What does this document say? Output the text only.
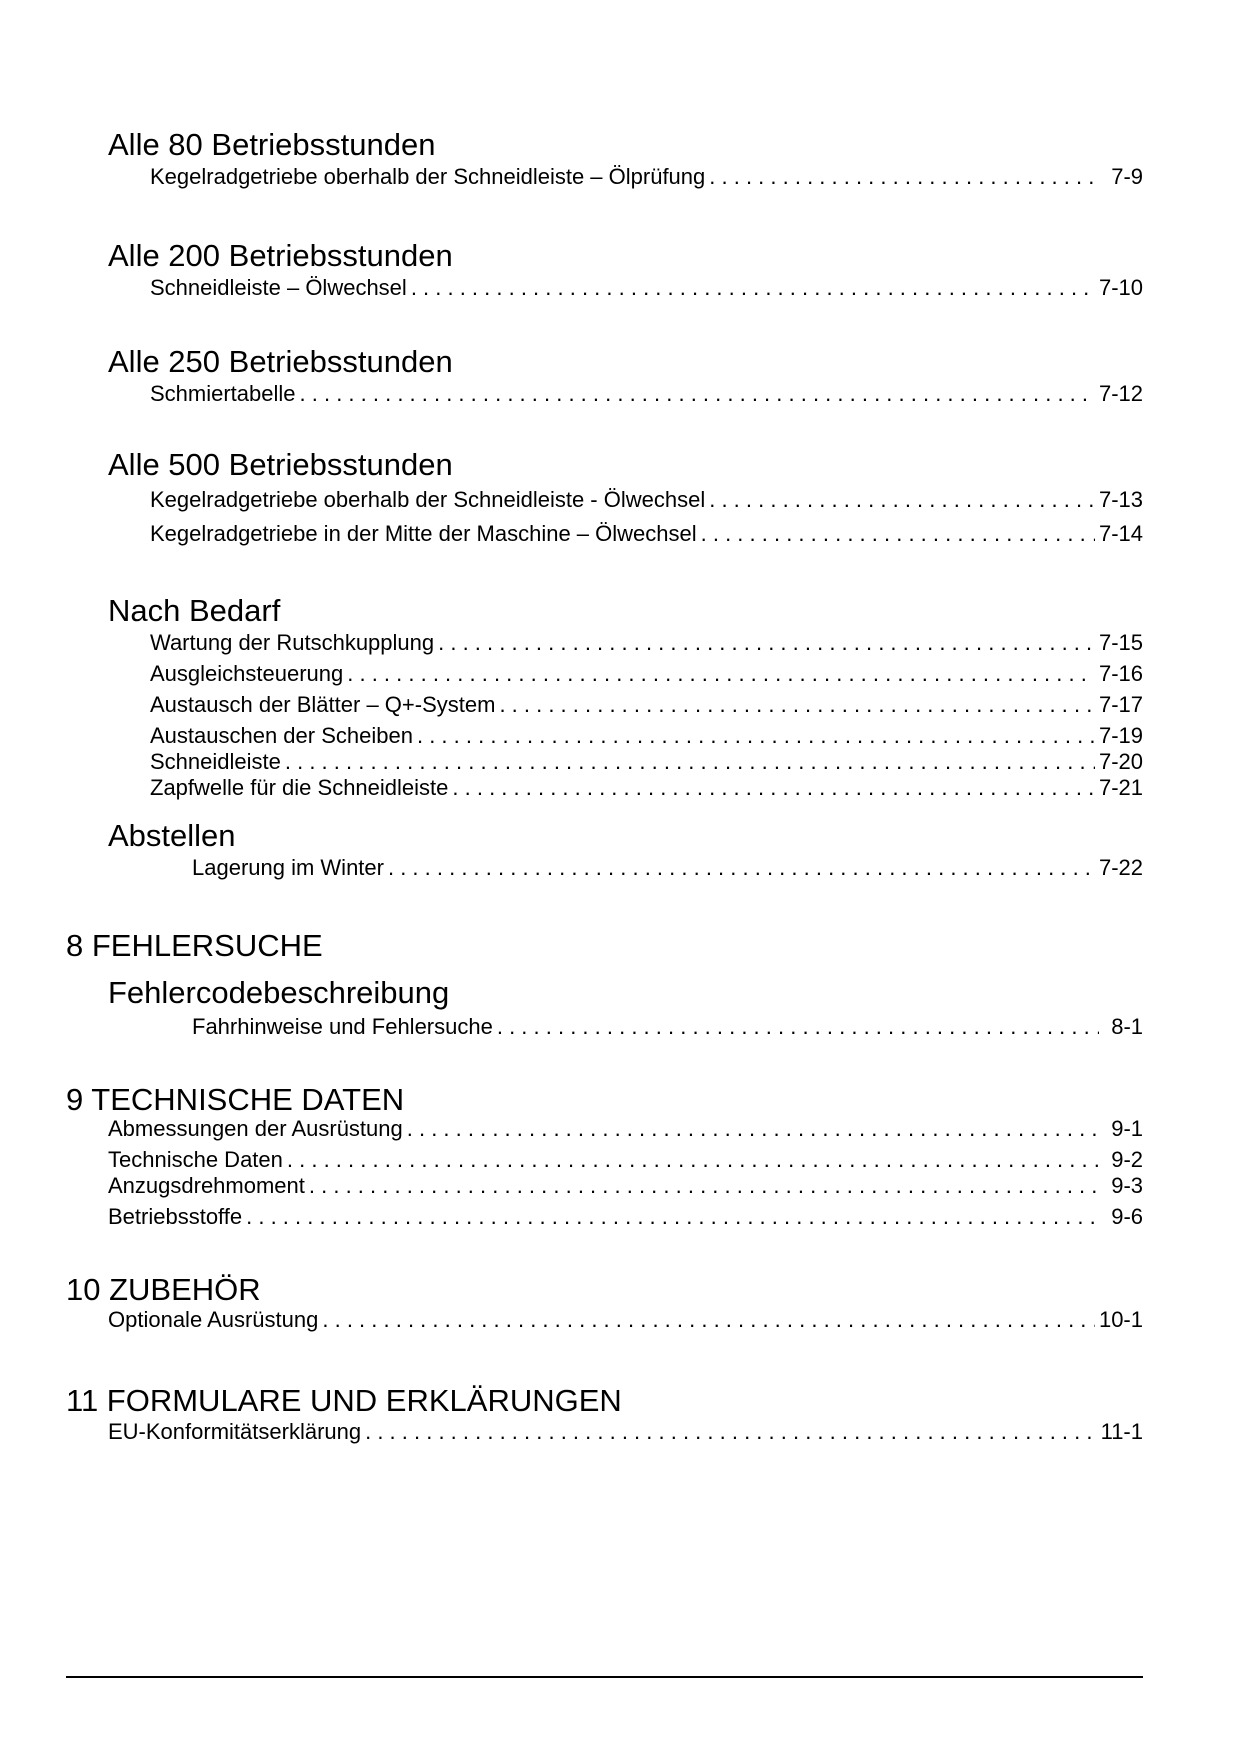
Alle 80 Betriebsstunden
Kegelradgetriebe oberhalb der Schneidleiste – Ölprüfung . . .	7-9
Alle 200 Betriebsstunden
Schneidleiste – Ölwechsel . . .	7-10
Alle 250 Betriebsstunden
Schmiertabelle . . .	7-12
Alle 500 Betriebsstunden
Kegelradgetriebe oberhalb der Schneidleiste - Ölwechsel . . .	7-13
Kegelradgetriebe in der Mitte der Maschine – Ölwechsel . . .	7-14
Nach Bedarf
Wartung der Rutschkupplung . . .	7-15
Ausgleichsteuerung . . .	7-16
Austausch der Blätter – Q+-System . . .	7-17
Austauschen der Scheiben . . .	7-19
Schneidleiste . . .	7-20
Zapfwelle für die Schneidleiste . . .	7-21
Abstellen
Lagerung im Winter . . .	7-22
8 FEHLERSUCHE
Fehlercodebeschreibung
Fahrhinweise und Fehlersuche . . .	8-1
9 TECHNISCHE DATEN
Abmessungen der Ausrüstung . . .	9-1
Technische Daten . . .	9-2
Anzugsdrehmoment . . .	9-3
Betriebsstoffe . . .	9-6
10 ZUBEHÖR
Optionale Ausrüstung . . .	10-1
11 FORMULARE UND ERKLÄRUNGEN
EU-Konformitätserklärung . . .	11-1
